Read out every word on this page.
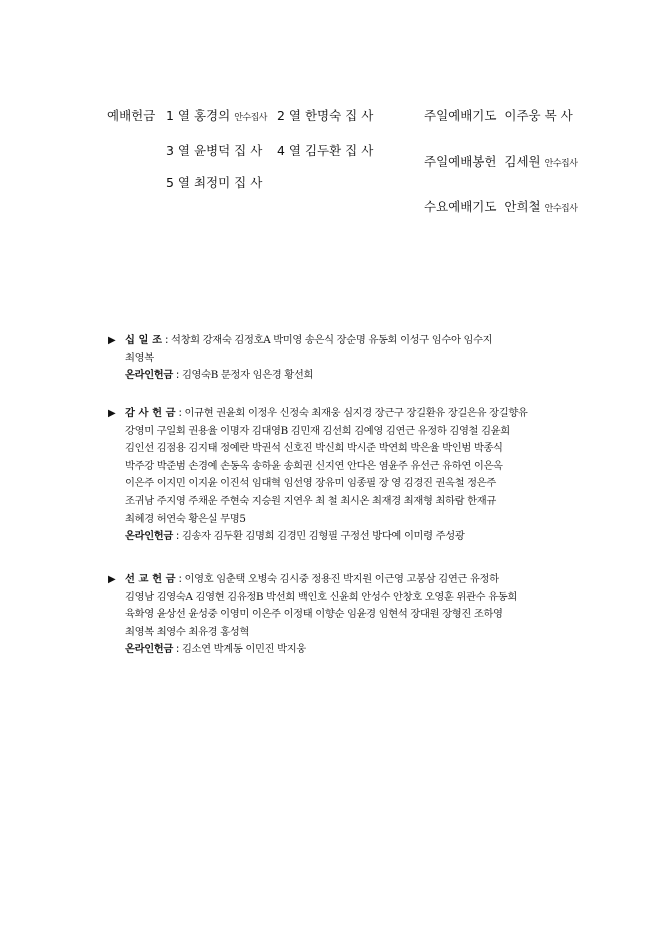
예배헌금 1 열 홍경의 안수집사 2 열 한명숙 집 사
3 열 윤병덕 집 사 4 열 김두환 집 사
5 열 최정미 집 사
주일예배기도 이주웅 목 사
주일예배봉헌 김세원 안수집사
수요예배기도 안희철 안수집사
▶ 십 일 조 : 석창회 강재숙 김정호A 박미영 송은식 장순명 유동회 이성구 임수아 임수지
최영복
온라인헌금 : 김영숙B 문정자 임은경 황선희
▶ 감 사 헌 금 : 이규현 권윤회 이정우 신정숙 최재웅 심지경 장근구 장길환유 장길은유 장길향유
강영미 구일회 권용율 이명자 김대영B 김민재 김선희 김예영 김연근 유정하 김영철 김윤희
김인선 김점용 김지태 정예란 박권석 신호진 박신희 박시준 박연희 박은율 박인범 박종식
박주강 박준범 손경예 손동옥 송하윤 송희권 신지연 안다은 염윤주 유선근 유하연 이은옥
이은주 이지민 이지윤 이진석 임대혁 임선영 장유미 임종필 장 영 김경진 권옥철 정은주
조귀남 주지영 주채운 주현숙 지승원 지연우 최 철 최시온 최재경 최재형 최하람 한재규
최혜경 허연숙 황은실 무명5
온라인헌금 : 김송자 김두환 김명희 김경민 김형필 구정선 방다예 이미령 주성광
▶ 선 교 헌 금 : 이영호 임춘택 오병숙 김시중 정용진 박지원 이근영 고봉삼 김연근 유정하
김영남 김영숙A 김영현 김유정B 박선희 백인호 신윤희 안성수 안창호 오영훈 위관수 유동희
육화영 윤상선 윤성중 이영미 이은주 이정태 이향순 임윤경 임현석 장대원 장형진 조하영
최영복 최영수 최유경 홍성혁
온라인헌금 : 김소연 박계동 이민진 박지웅
